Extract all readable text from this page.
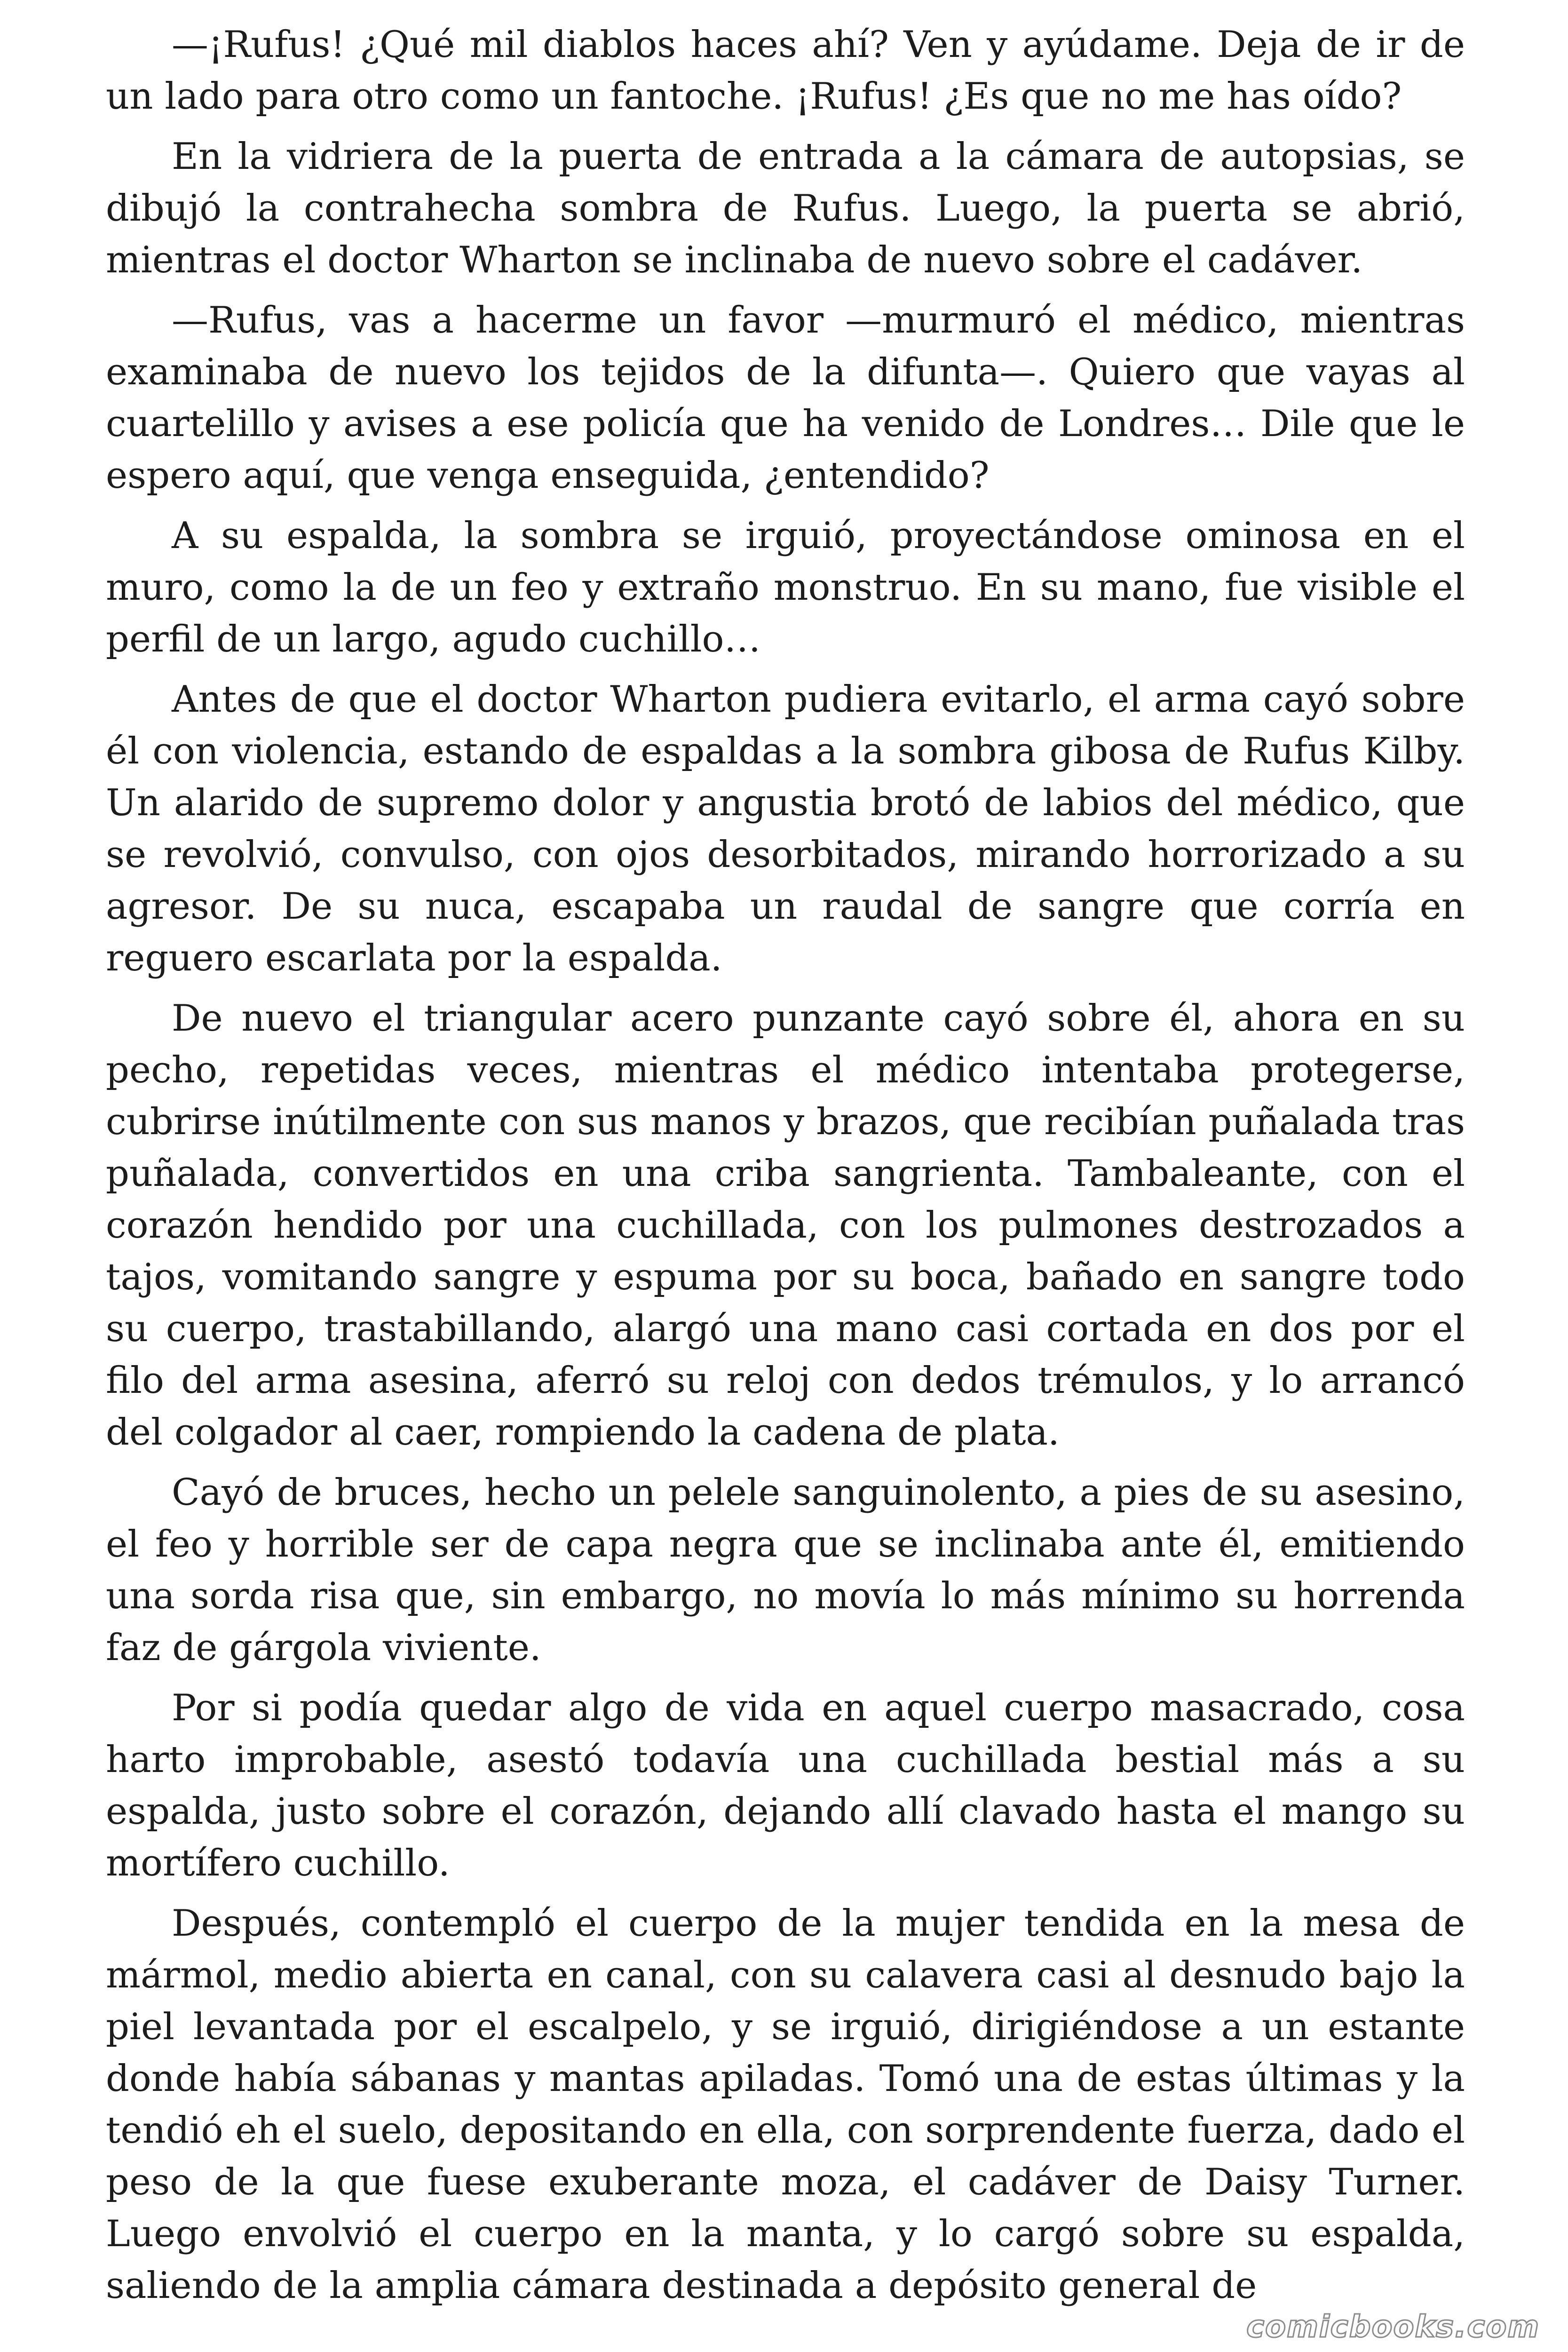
—¡Rufus! ¿Qué mil diablos haces ahí? Ven y ayúdame. Deja de ir de un lado para otro como un fantoche. ¡Rufus! ¿Es que no me has oído?

En la vidriera de la puerta de entrada a la cámara de autopsias, se dibujó la contrahecha sombra de Rufus. Luego, la puerta se abrió, mientras el doctor Wharton se inclinaba de nuevo sobre el cadáver.

—Rufus, vas a hacerme un favor —murmuró el médico, mientras examinaba de nuevo los tejidos de la difunta—. Quiero que vayas al cuartelillo y avises a ese policía que ha venido de Londres… Dile que le espero aquí, que venga enseguida, ¿entendido?

A su espalda, la sombra se irguió, proyectándose ominosa en el muro, como la de un feo y extraño monstruo. En su mano, fue visible el perfil de un largo, agudo cuchillo…

Antes de que el doctor Wharton pudiera evitarlo, el arma cayó sobre él con violencia, estando de espaldas a la sombra gibosa de Rufus Kilby. Un alarido de supremo dolor y angustia brotó de labios del médico, que se revolvió, convulso, con ojos desorbitados, mirando horrorizado a su agresor. De su nuca, escapaba un raudal de sangre que corría en reguero escarlata por la espalda.

De nuevo el triangular acero punzante cayó sobre él, ahora en su pecho, repetidas veces, mientras el médico intentaba protegerse, cubrirse inútilmente con sus manos y brazos, que recibían puñalada tras puñalada, convertidos en una criba sangrienta. Tambaleante, con el corazón hendido por una cuchillada, con los pulmones destrozados a tajos, vomitando sangre y espuma por su boca, bañado en sangre todo su cuerpo, trastabillando, alargó una mano casi cortada en dos por el filo del arma asesina, aferró su reloj con dedos trémulos, y lo arrancó del colgador al caer, rompiendo la cadena de plata.

Cayó de bruces, hecho un pelele sanguinolento, a pies de su asesino, el feo y horrible ser de capa negra que se inclinaba ante él, emitiendo una sorda risa que, sin embargo, no movía lo más mínimo su horrenda faz de gárgola viviente.

Por si podía quedar algo de vida en aquel cuerpo masacrado, cosa harto improbable, asestó todavía una cuchillada bestial más a su espalda, justo sobre el corazón, dejando allí clavado hasta el mango su mortífero cuchillo.

Después, contempló el cuerpo de la mujer tendida en la mesa de mármol, medio abierta en canal, con su calavera casi al desnudo bajo la piel levantada por el escalpelo, y se irguió, dirigiéndose a un estante donde había sábanas y mantas apiladas. Tomó una de estas últimas y la tendió eh el suelo, depositando en ella, con sorprendente fuerza, dado el peso de la que fuese exuberante moza, el cadáver de Daisy Turner. Luego envolvió el cuerpo en la manta, y lo cargó sobre su espalda, saliendo de la amplia cámara destinada a depósito general de

comicbooks.com
